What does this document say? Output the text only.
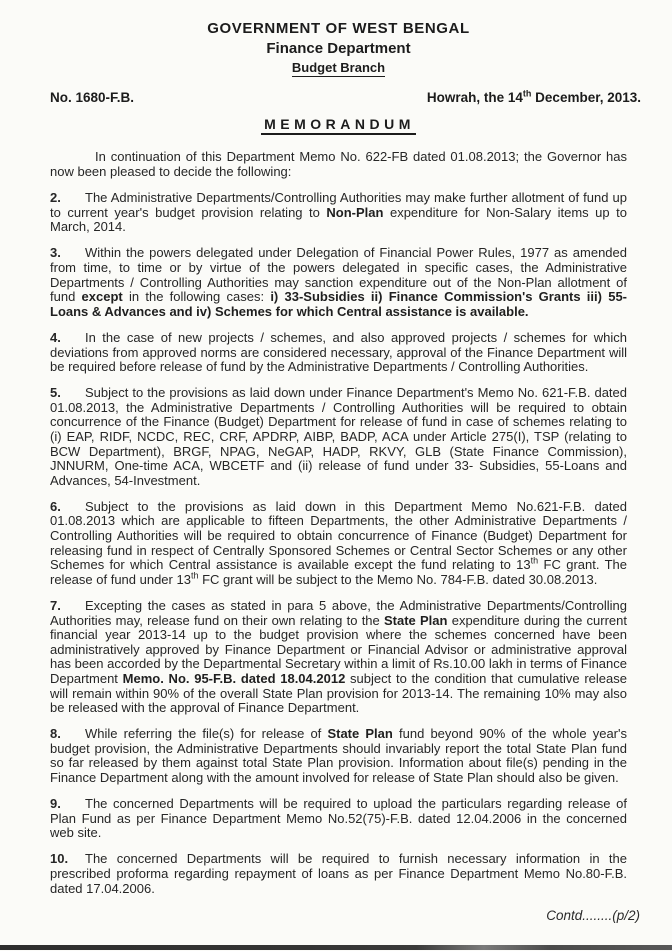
GOVERNMENT OF WEST BENGAL
Finance Department
Budget Branch
No. 1680-F.B.	Howrah, the 14th December, 2013.
MEMORANDUM

In continuation of this Department Memo No. 622-FB dated 01.08.2013; the Governor has now been pleased to decide the following:

2. The Administrative Departments/Controlling Authorities may make further allotment of fund up to current year's budget provision relating to Non-Plan expenditure for Non-Salary items up to March, 2014.

3. Within the powers delegated under Delegation of Financial Power Rules, 1977 as amended from time, to time or by virtue of the powers delegated in specific cases, the Administrative Departments / Controlling Authorities may sanction expenditure out of the Non-Plan allotment of fund except in the following cases: i) 33-Subsidies ii) Finance Commission's Grants iii) 55-Loans & Advances and iv) Schemes for which Central assistance is available.

4. In the case of new projects / schemes, and also approved projects / schemes for which deviations from approved norms are considered necessary, approval of the Finance Department will be required before release of fund by the Administrative Departments / Controlling Authorities.

5. Subject to the provisions as laid down under Finance Department's Memo No. 621-F.B. dated 01.08.2013, the Administrative Departments / Controlling Authorities will be required to obtain concurrence of the Finance (Budget) Department for release of fund in case of schemes relating to (i) EAP, RIDF, NCDC, REC, CRF, APDRP, AIBP, BADP, ACA under Article 275(I), TSP (relating to BCW Department), BRGF, NPAG, NeGAP, HADP, RKVY, GLB (State Finance Commission), JNNURM, One-time ACA, WBCETF and (ii) release of fund under 33- Subsidies, 55-Loans and Advances, 54-Investment.

6. Subject to the provisions as laid down in this Department Memo No.621-F.B. dated 01.08.2013 which are applicable to fifteen Departments, the other Administrative Departments / Controlling Authorities will be required to obtain concurrence of Finance (Budget) Department for releasing fund in respect of Centrally Sponsored Schemes or Central Sector Schemes or any other Schemes for which Central assistance is available except the fund relating to 13th FC grant. The release of fund under 13th FC grant will be subject to the Memo No. 784-F.B. dated 30.08.2013.

7. Excepting the cases as stated in para 5 above, the Administrative Departments/Controlling Authorities may, release fund on their own relating to the State Plan expenditure during the current financial year 2013-14 up to the budget provision where the schemes concerned have been administratively approved by Finance Department or Financial Advisor or administrative approval has been accorded by the Departmental Secretary within a limit of Rs.10.00 lakh in terms of Finance Department Memo. No. 95-F.B. dated 18.04.2012 subject to the condition that cumulative release will remain within 90% of the overall State Plan provision for 2013-14. The remaining 10% may also be released with the approval of Finance Department.

8. While referring the file(s) for release of State Plan fund beyond 90% of the whole year's budget provision, the Administrative Departments should invariably report the total State Plan fund so far released by them against total State Plan provision. Information about file(s) pending in the Finance Department along with the amount involved for release of State Plan should also be given.

9. The concerned Departments will be required to upload the particulars regarding release of Plan Fund as per Finance Department Memo No.52(75)-F.B. dated 12.04.2006 in the concerned web site.

10. The concerned Departments will be required to furnish necessary information in the prescribed proforma regarding repayment of loans as per Finance Department Memo No.80-F.B. dated 17.04.2006.

Contd........(p/2)
